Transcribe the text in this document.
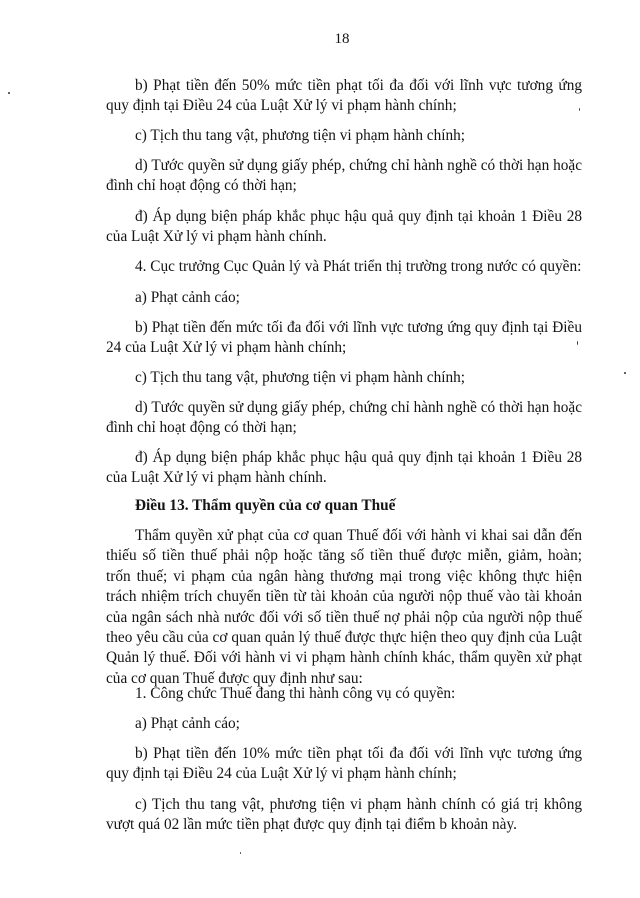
18

b) Phạt tiền đến 50% mức tiền phạt tối đa đối với lĩnh vực tương ứng quy định tại Điều 24 của Luật Xử lý vi phạm hành chính;

c) Tịch thu tang vật, phương tiện vi phạm hành chính;

d) Tước quyền sử dụng giấy phép, chứng chỉ hành nghề có thời hạn hoặc đình chỉ hoạt động có thời hạn;

đ) Áp dụng biện pháp khắc phục hậu quả quy định tại khoản 1 Điều 28 của Luật Xử lý vi phạm hành chính.

4. Cục trưởng Cục Quản lý và Phát triển thị trường trong nước có quyền:

a) Phạt cảnh cáo;

b) Phạt tiền đến mức tối đa đối với lĩnh vực tương ứng quy định tại Điều 24 của Luật Xử lý vi phạm hành chính;

c) Tịch thu tang vật, phương tiện vi phạm hành chính;

d) Tước quyền sử dụng giấy phép, chứng chỉ hành nghề có thời hạn hoặc đình chỉ hoạt động có thời hạn;

đ) Áp dụng biện pháp khắc phục hậu quả quy định tại khoản 1 Điều 28 của Luật Xử lý vi phạm hành chính.

Điều 13. Thẩm quyền của cơ quan Thuế

Thẩm quyền xử phạt của cơ quan Thuế đối với hành vi khai sai dẫn đến thiếu số tiền thuế phải nộp hoặc tăng số tiền thuế được miễn, giảm, hoàn; trốn thuế; vi phạm của ngân hàng thương mại trong việc không thực hiện trách nhiệm trích chuyển tiền từ tài khoản của người nộp thuế vào tài khoản của ngân sách nhà nước đối với số tiền thuế nợ phải nộp của người nộp thuế theo yêu cầu của cơ quan quản lý thuế được thực hiện theo quy định của Luật Quản lý thuế. Đối với hành vi vi phạm hành chính khác, thẩm quyền xử phạt của cơ quan Thuế được quy định như sau:

1. Công chức Thuế đang thi hành công vụ có quyền:

a) Phạt cảnh cáo;

b) Phạt tiền đến 10% mức tiền phạt tối đa đối với lĩnh vực tương ứng quy định tại Điều 24 của Luật Xử lý vi phạm hành chính;

c) Tịch thu tang vật, phương tiện vi phạm hành chính có giá trị không vượt quá 02 lần mức tiền phạt được quy định tại điểm b khoản này.
